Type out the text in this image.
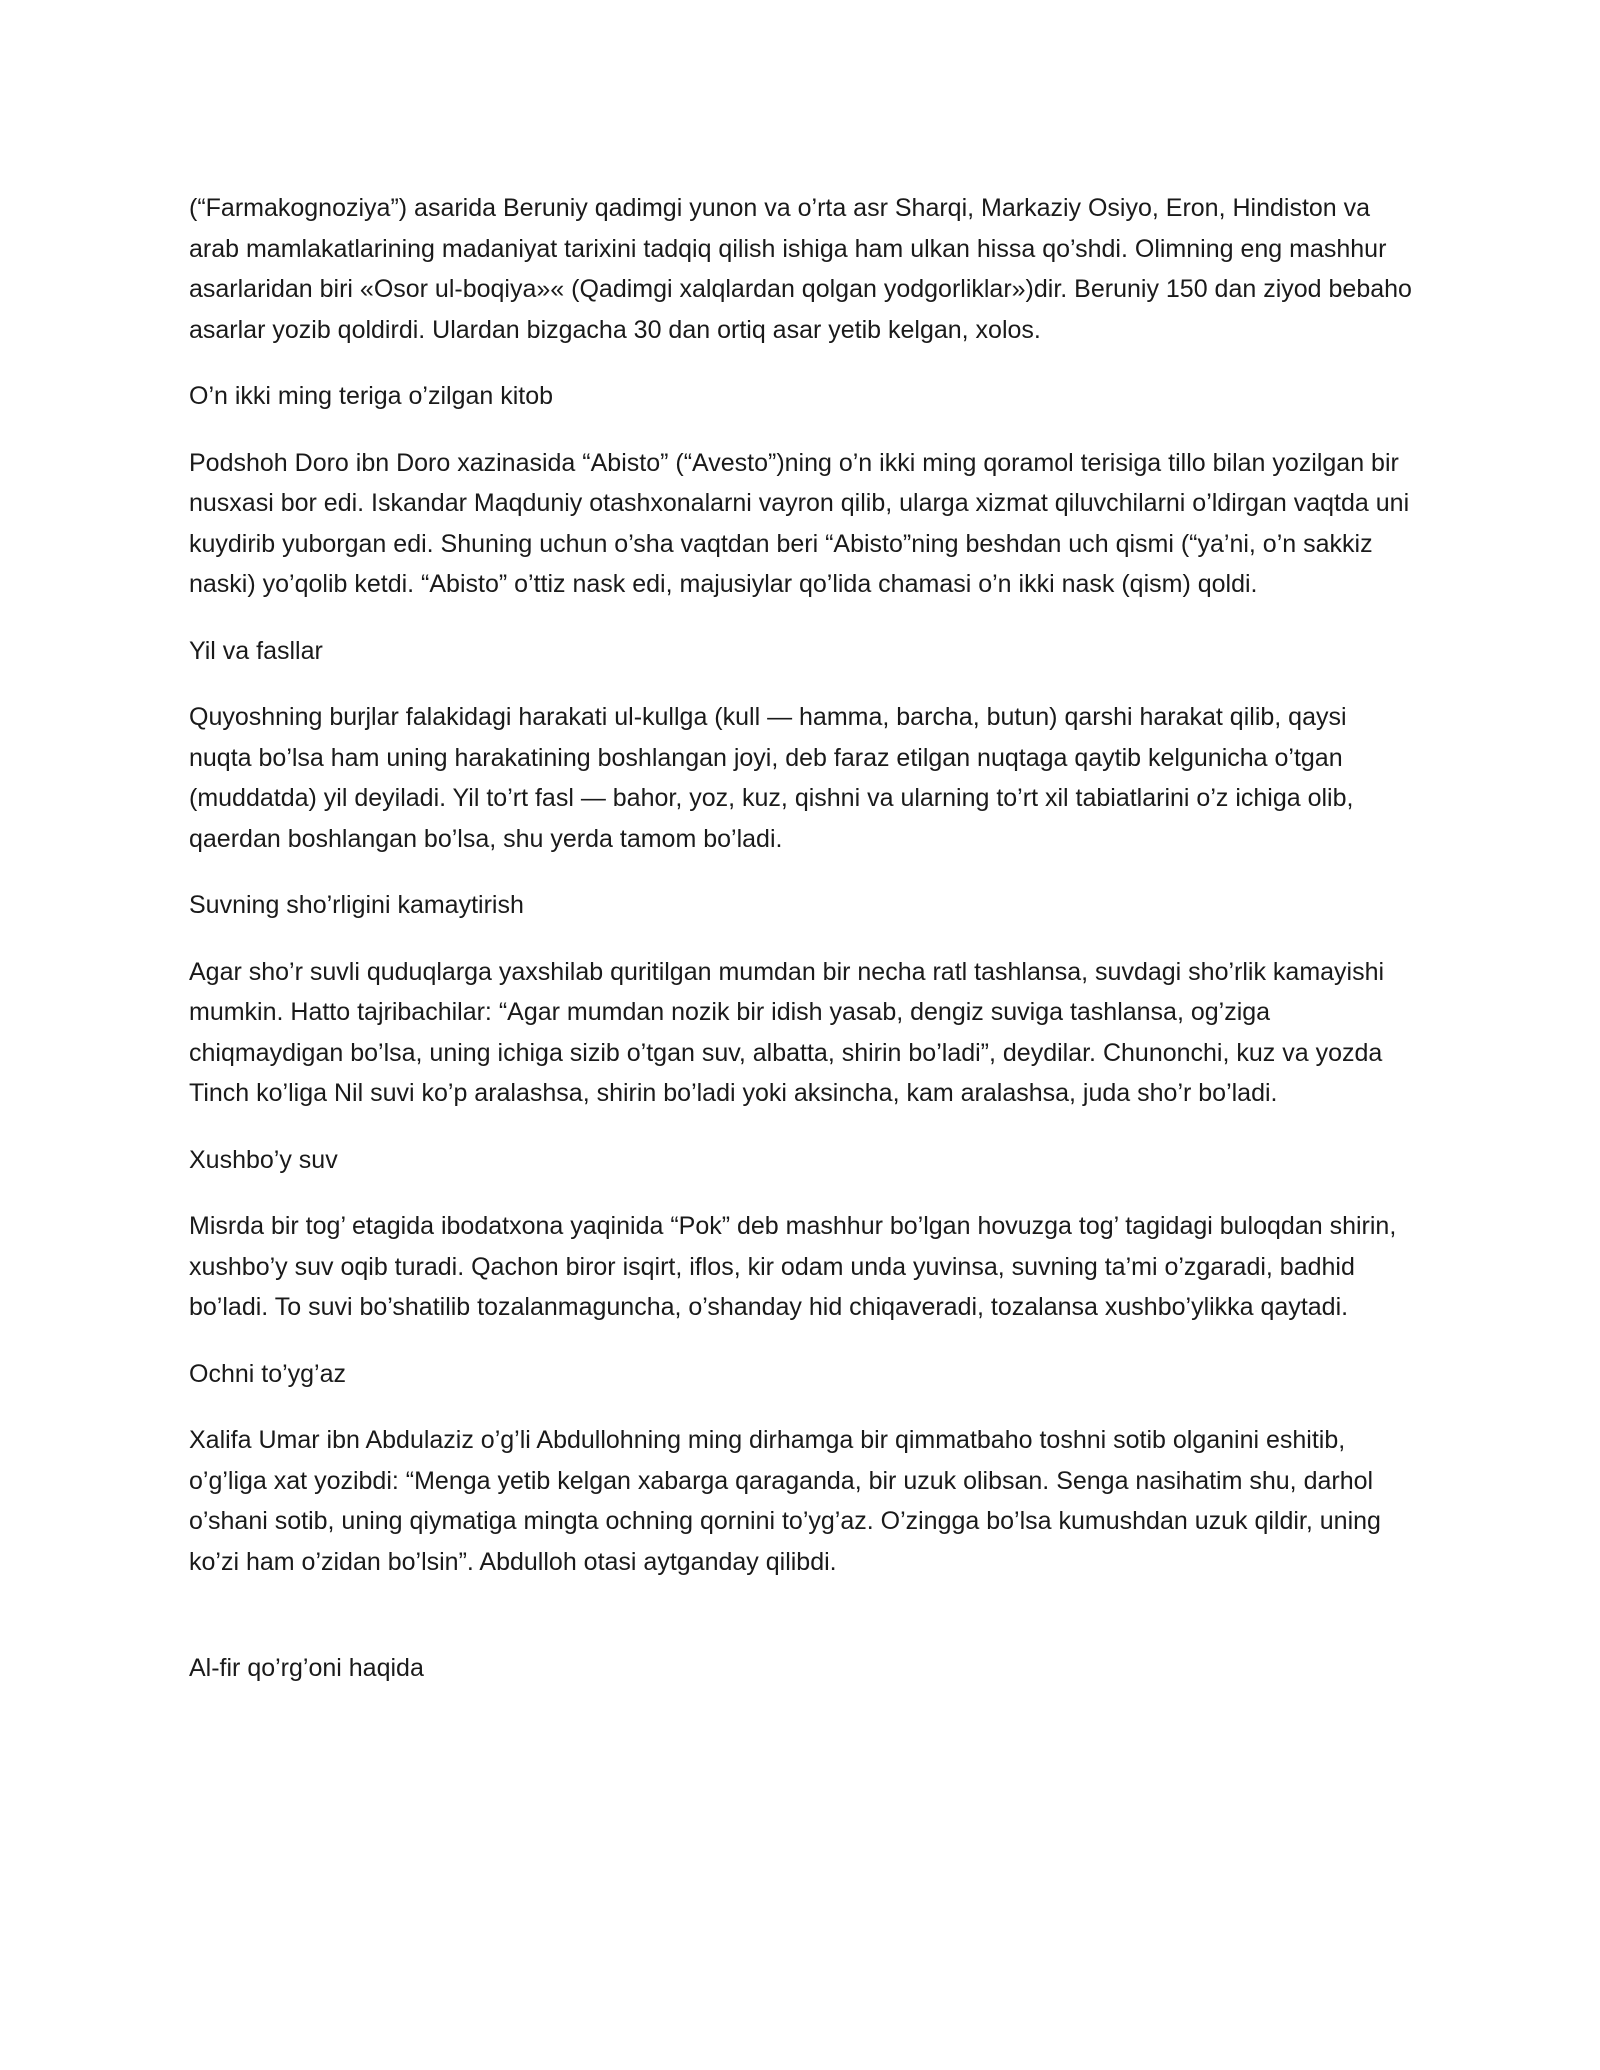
(“Farmakognoziya”) asarida Beruniy qadimgi yunon va o’rta asr Sharqi, Markaziy Osiyo, Eron, Hindiston va arab mamlakatlarining madaniyat tarixini tadqiq qilish ishiga ham ulkan hissa qo’shdi. Olimning eng mashhur asarlaridan biri «Osor ul-boqiya»« (Qadimgi xalqlardan qolgan yodgorliklar»)dir. Beruniy 150 dan ziyod bebaho asarlar yozib qoldirdi. Ulardan bizgacha 30 dan ortiq asar yetib kelgan, xolos.

O’n ikki ming teriga o’zilgan kitob

Podshoh Doro ibn Doro xazinasida “Abisto” (“Avesto”)ning o’n ikki ming qoramol terisiga tillo bilan yozilgan bir nusxasi bor edi. Iskandar Maqduniy otashxonalarni vayron qilib, ularga xizmat qiluvchilarni o’ldirgan vaqtda uni kuydirib yuborgan edi. Shuning uchun o’sha vaqtdan beri “Abisto”ning beshdan uch qismi (“ya’ni, o’n sakkiz naski) yo’qolib ketdi. “Abisto” o’ttiz nask edi, majusiylar qo’lida chamasi o’n ikki nask (qism) qoldi.

Yil va fasllar

Quyoshning burjlar falakidagi harakati ul-kullga (kull — hamma, barcha, butun) qarshi harakat qilib, qaysi nuqta bo’lsa ham uning harakatining boshlangan joyi, deb faraz etilgan nuqtaga qaytib kelgunicha o’tgan (muddatda) yil deyiladi. Yil to’rt fasl — bahor, yoz, kuz, qishni va ularning to’rt xil tabiatlarini o’z ichiga olib, qaerdan boshlangan bo’lsa, shu yerda tamom bo’ladi.

Suvning sho’rligini kamaytirish

Agar sho’r suvli quduqlarga yaxshilab quritilgan mumdan bir necha ratl tashlansa, suvdagi sho’rlik kamayishi mumkin. Hatto tajribachilar: “Agar mumdan nozik bir idish yasab, dengiz suviga tashlansa, og’ziga chiqmaydigan bo’lsa, uning ichiga sizib o’tgan suv, albatta, shirin bo’ladi”, deydilar. Chunonchi, kuz va yozda Tinch ko’liga Nil suvi ko’p aralashsa, shirin bo’ladi yoki aksincha, kam aralashsa, juda sho’r bo’ladi.

Xushbo’y suv

Misrda bir tog’ etagida ibodatxona yaqinida “Pok” deb mashhur bo’lgan hovuzga tog’ tagidagi buloqdan shirin, xushbo’y suv oqib turadi. Qachon biror isqirt, iflos, kir odam unda yuvinsa, suvning ta’mi o’zgaradi, badhid bo’ladi. To suvi bo’shatilib tozalanmaguncha, o’shanday hid chiqaveradi, tozalansa xushbo’ylikka qaytadi.

Ochni to’yg’az

Xalifa Umar ibn Abdulaziz o’g’li Abdullohning ming dirhamga bir qimmatbaho toshni sotib olganini eshitib, o’g’liga xat yozibdi: “Menga yetib kelgan xabarga qaraganda, bir uzuk olibsan. Senga nasihatim shu, darhol o’shani sotib, uning qiymatiga mingta ochning qornini to’yg’az. O’zingga bo’lsa kumushdan uzuk qildir, uning ko’zi ham o’zidan bo’lsin”. Abdulloh otasi aytganday qilibdi.

Al-fir qo’rg’oni haqida
